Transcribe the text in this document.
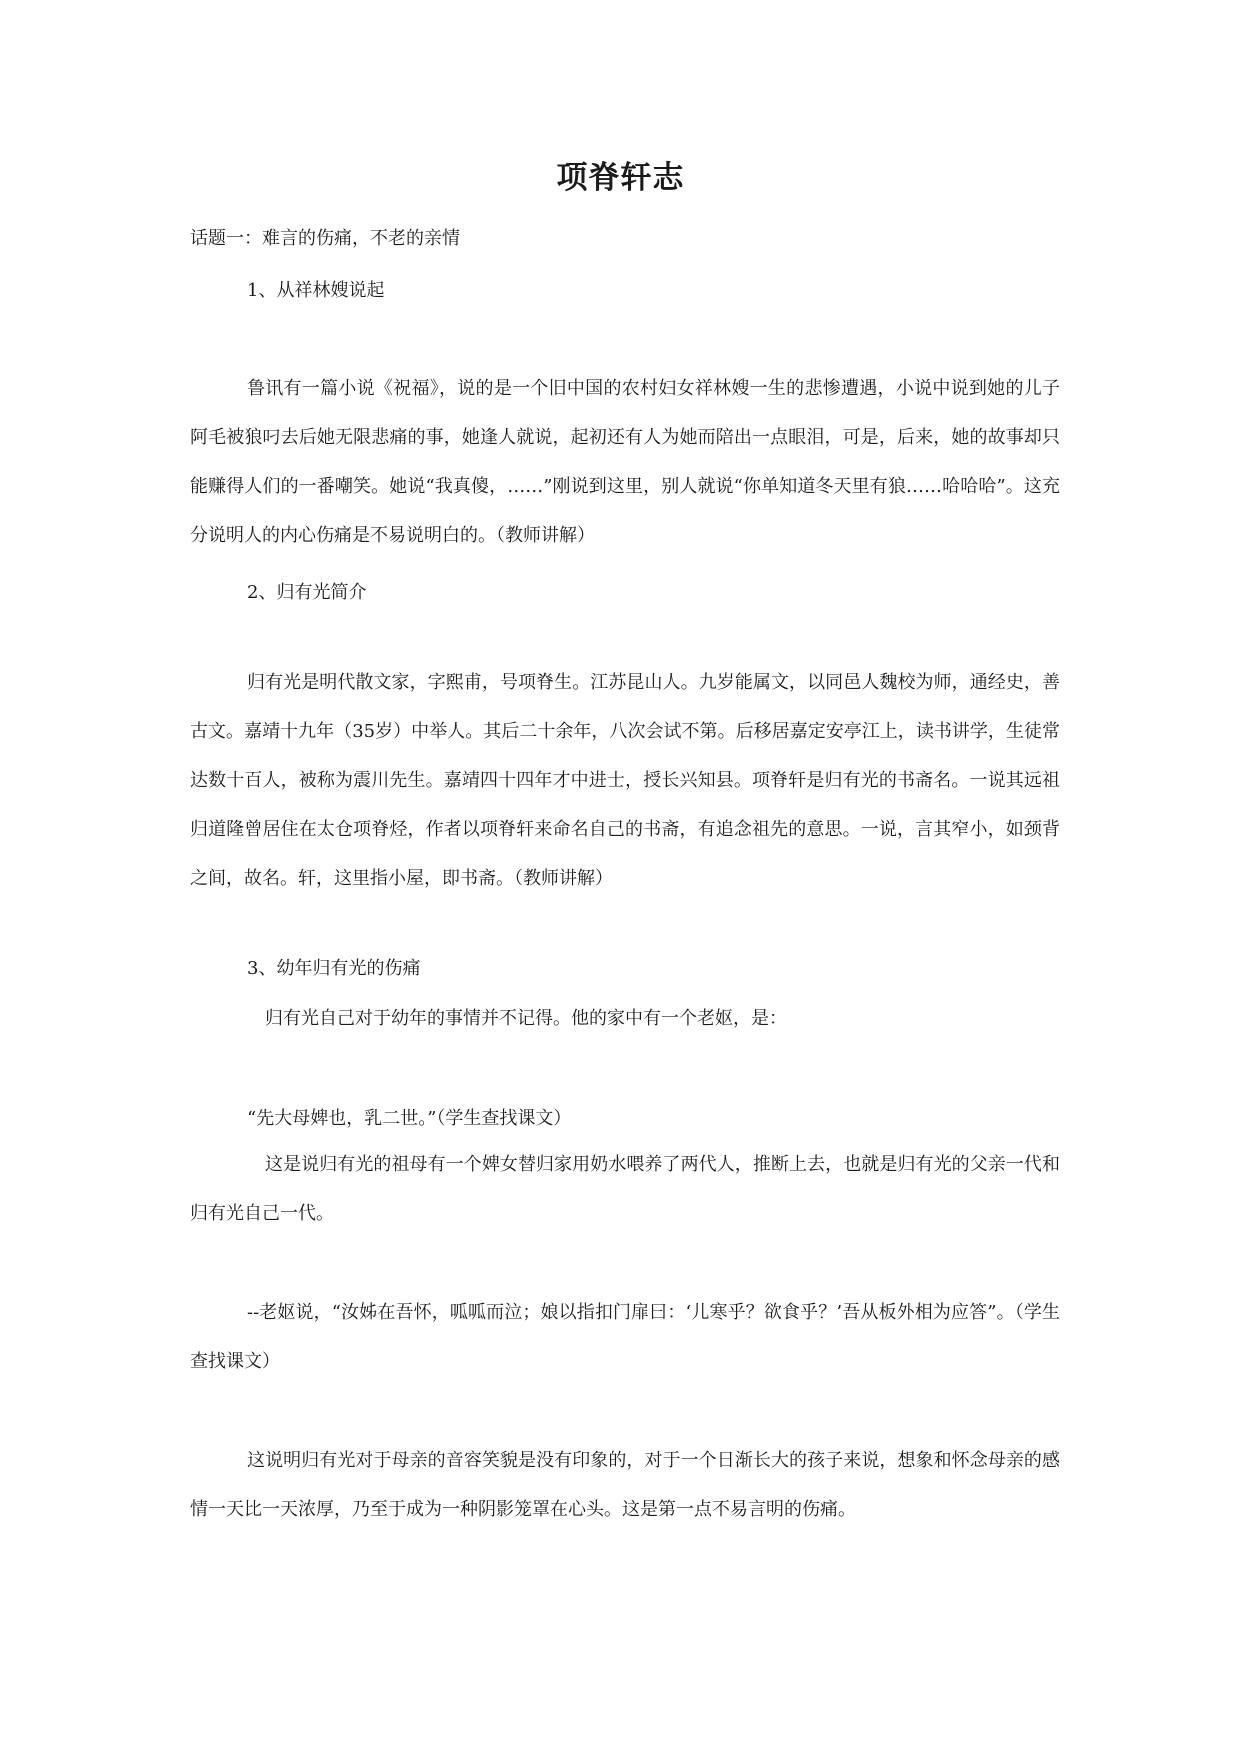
项脊轩志
话题一：难言的伤痛，不老的亲情
1、从祥林嫂说起
鲁讯有一篇小说《祝福》，说的是一个旧中国的农村妇女祥林嫂一生的悲惨遭遇，小说中说到她的儿子阿毛被狼叼去后她无限悲痛的事，她逢人就说，起初还有人为她而陪出一点眼泪，可是，后来，她的故事却只能赚得人们的一番嘲笑。她说“我真傻，……”刚说到这里，别人就说“你单知道冬天里有狼……哈哈哈”。这充分说明人的内心伤痛是不易说明白的。（教师讲解）
2、归有光简介
归有光是明代散文家，字熙甫，号项脊生。江苏昆山人。九岁能属文，以同邑人魏校为师，通经史，善古文。嘉靖十九年（35岁）中举人。其后二十余年，八次会试不第。后移居嘉定安亭江上，读书讲学，生徒常达数十百人，被称为震川先生。嘉靖四十四年才中进士，授长兴知县。项脊轩是归有光的书斋名。一说其远祖归道隆曾居住在太仓项脊烃，作者以项脊轩来命名自己的书斋，有追念祖先的意思。一说，言其窄小，如颈背之间，故名。轩，这里指小屋，即书斋。（教师讲解）
3、幼年归有光的伤痛
归有光自己对于幼年的事情并不记得。他的家中有一个老妪，是：
“先大母婢也，乳二世。”（学生查找课文）
这是说归有光的祖母有一个婢女替归家用奶水喂养了两代人，推断上去，也就是归有光的父亲一代和归有光自己一代。
--老妪说，“汝姊在吾怀，呱呱而泣；娘以指扣门扉曰：‘儿寒乎？欲食乎？’吾从板外相为应答”。（学生查找课文）
这说明归有光对于母亲的音容笑貌是没有印象的，对于一个日渐长大的孩子来说，想象和怀念母亲的感情一天比一天浓厚，乃至于成为一种阴影笼罩在心头。这是第一点不易言明的伤痛。
